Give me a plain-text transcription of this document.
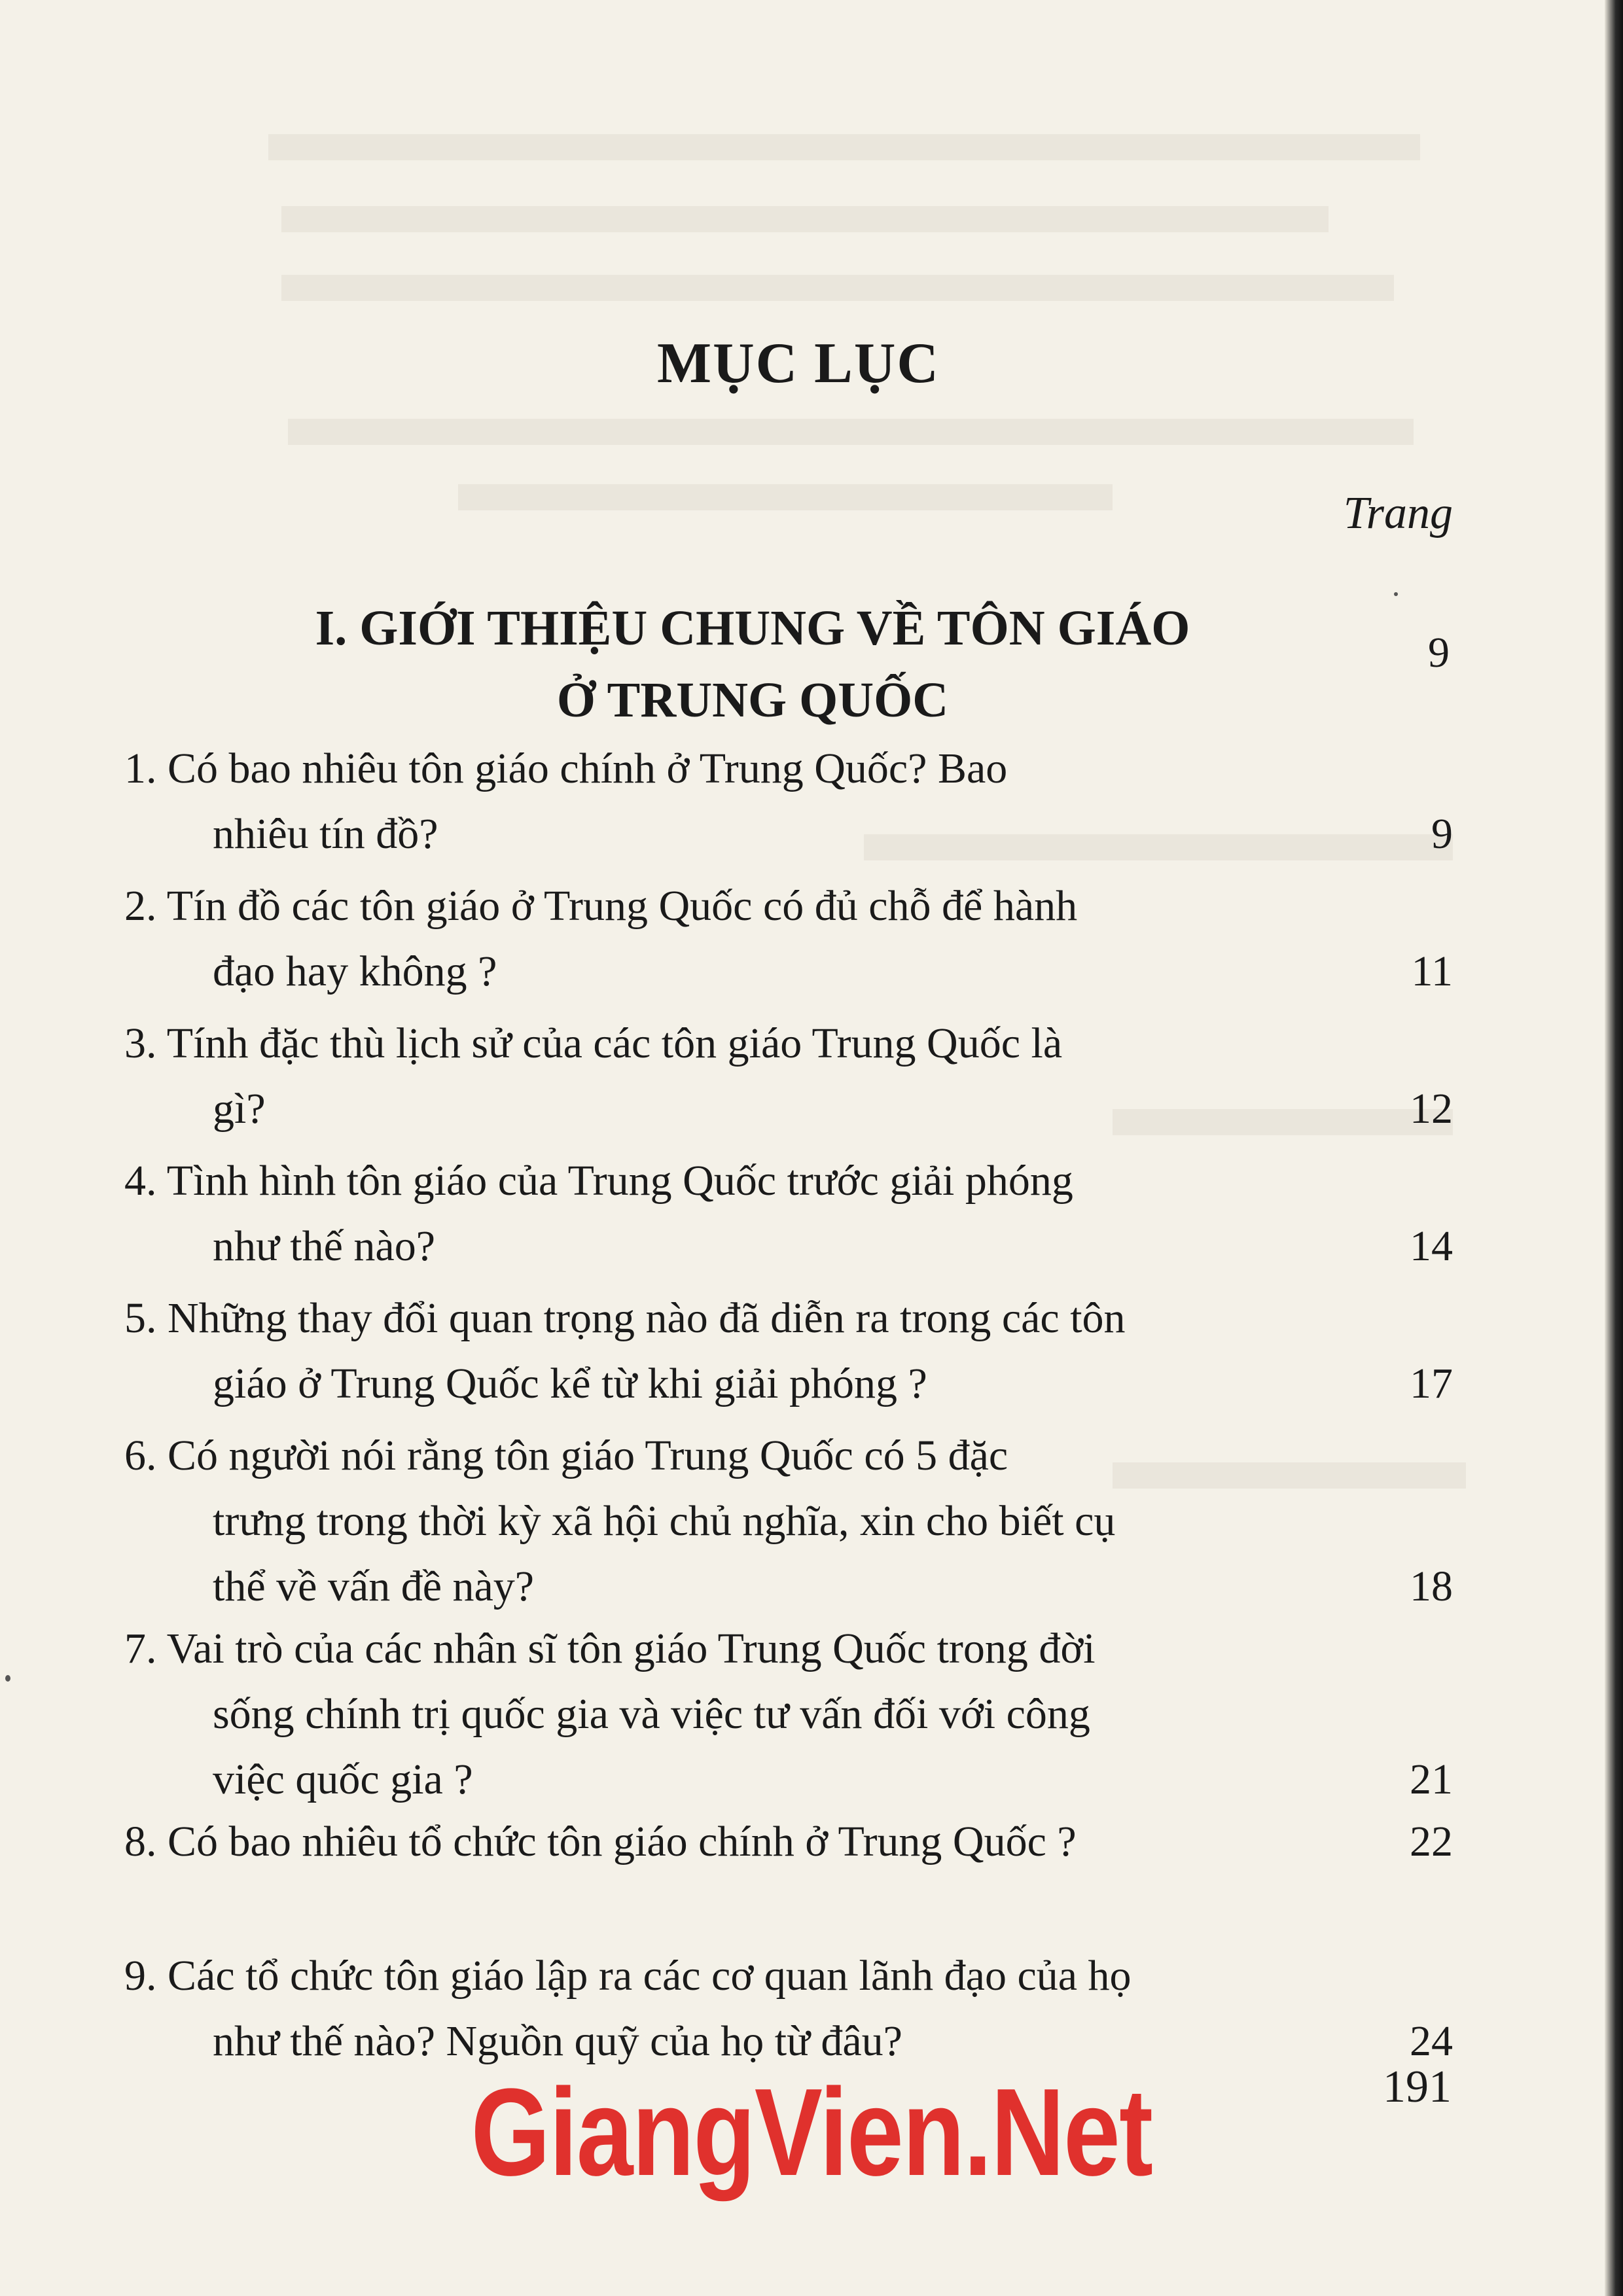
MỤC LỤC
Trang
I. GIỚI THIỆU CHUNG VỀ TÔN GIÁO
Ở TRUNG QUỐC
9
1. Có bao nhiêu tôn giáo chính ở Trung Quốc? Bao
nhiêu tín đồ?	9
2. Tín đồ các tôn giáo ở Trung Quốc có đủ chỗ để hành
đạo hay không ?	11
3. Tính đặc thù lịch sử của các tôn giáo Trung Quốc là
gì?	12
4. Tình hình tôn giáo của Trung Quốc trước giải phóng
như thế nào?	14
5. Những thay đổi quan trọng nào đã diễn ra trong các tôn
giáo ở Trung Quốc kể từ khi giải phóng ?	17
6. Có người nói rằng tôn giáo Trung Quốc có 5 đặc
trưng trong thời kỳ xã hội chủ nghĩa, xin cho biết cụ
thể về vấn đề này?	18
7. Vai trò của các nhân sĩ tôn giáo Trung Quốc trong đời
sống chính trị quốc gia và việc tư vấn đối với công
việc quốc gia ?	21
8. Có bao nhiêu tổ chức tôn giáo chính ở Trung Quốc ?	22
9. Các tổ chức tôn giáo lập ra các cơ quan lãnh đạo của họ
như thế nào? Nguồn quỹ của họ từ đâu?	24
191
GiangVien.Net
